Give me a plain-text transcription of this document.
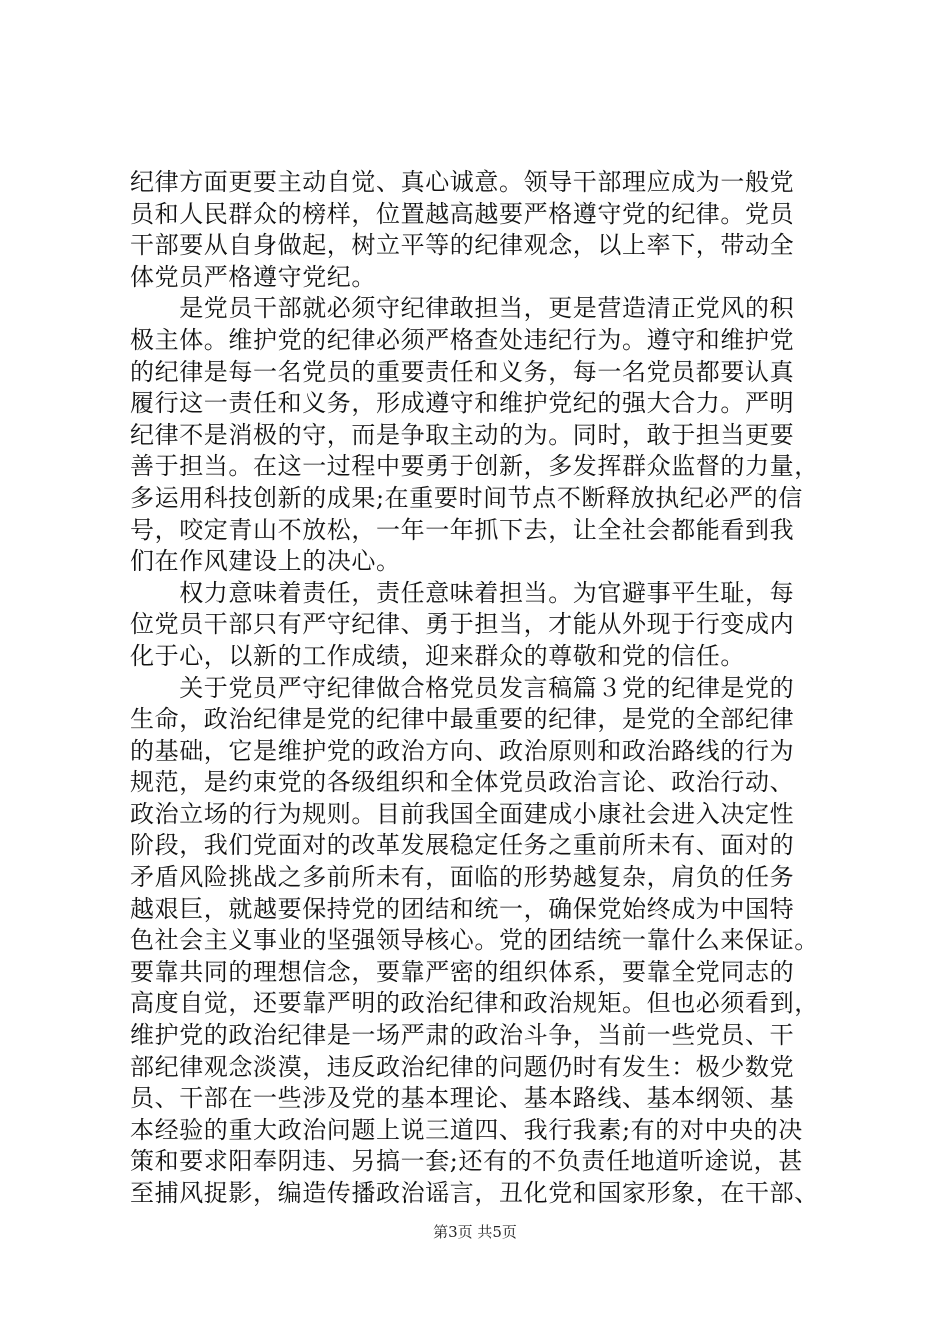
纪律方面更要主动自觉、真心诚意。领导干部理应成为一般党
员和人民群众的榜样，位置越高越要严格遵守党的纪律。党员
干部要从自身做起，树立平等的纪律观念，以上率下，带动全
体党员严格遵守党纪。
　　是党员干部就必须守纪律敢担当，更是营造清正党风的积
极主体。维护党的纪律必须严格查处违纪行为。遵守和维护党
的纪律是每一名党员的重要责任和义务，每一名党员都要认真
履行这一责任和义务，形成遵守和维护党纪的强大合力。严明
纪律不是消极的守，而是争取主动的为。同时，敢于担当更要
善于担当。在这一过程中要勇于创新，多发挥群众监督的力量，
多运用科技创新的成果;在重要时间节点不断释放执纪必严的信
号，咬定青山不放松，一年一年抓下去，让全社会都能看到我
们在作风建设上的决心。
　　权力意味着责任，责任意味着担当。为官避事平生耻，每
位党员干部只有严守纪律、勇于担当，才能从外现于行变成内
化于心，以新的工作成绩，迎来群众的尊敬和党的信任。
　　关于党员严守纪律做合格党员发言稿篇３党的纪律是党的
生命，政治纪律是党的纪律中最重要的纪律，是党的全部纪律
的基础，它是维护党的政治方向、政治原则和政治路线的行为
规范，是约束党的各级组织和全体党员政治言论、政治行动、
政治立场的行为规则。目前我国全面建成小康社会进入决定性
阶段，我们党面对的改革发展稳定任务之重前所未有、面对的
矛盾风险挑战之多前所未有，面临的形势越复杂，肩负的任务
越艰巨，就越要保持党的团结和统一，确保党始终成为中国特
色社会主义事业的坚强领导核心。党的团结统一靠什么来保证。
要靠共同的理想信念，要靠严密的组织体系，要靠全党同志的
高度自觉，还要靠严明的政治纪律和政治规矩。但也必须看到，
维护党的政治纪律是一场严肃的政治斗争，当前一些党员、干
部纪律观念淡漠，违反政治纪律的问题仍时有发生：极少数党
员、干部在一些涉及党的基本理论、基本路线、基本纲领、基
本经验的重大政治问题上说三道四、我行我素;有的对中央的决
策和要求阳奉阴违、另搞一套;还有的不负责任地道听途说，甚
至捕风捉影，编造传播政治谣言，丑化党和国家形象，在干部、
第3页 共5页
